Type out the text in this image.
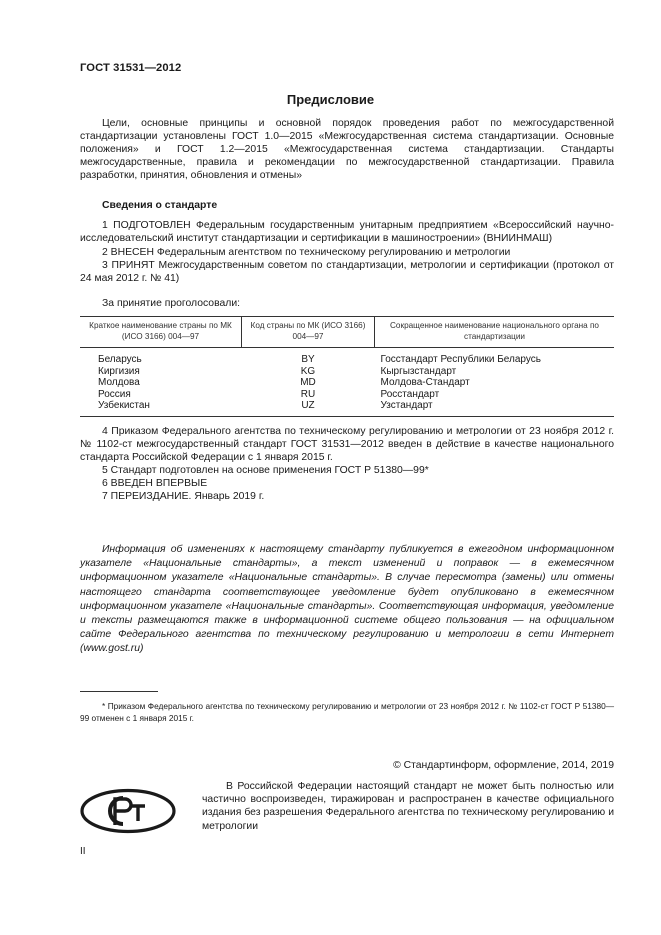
ГОСТ 31531—2012
Предисловие

Цели, основные принципы и основной порядок проведения работ по межгосударственной стандартизации установлены ГОСТ 1.0—2015 «Межгосударственная система стандартизации. Основные положения» и ГОСТ 1.2—2015 «Межгосударственная система стандартизации. Стандарты межгосударственные, правила и рекомендации по межгосударственной стандартизации. Правила разработки, принятия, обновления и отмены»

Сведения о стандарте

1 ПОДГОТОВЛЕН Федеральным государственным унитарным предприятием «Всероссийский научно-исследовательский институт стандартизации и сертификации в машиностроении» (ВНИИНМАШ)

2 ВНЕСЕН Федеральным агентством по техническому регулированию и метрологии

3 ПРИНЯТ Межгосударственным советом по стандартизации, метрологии и сертификации (протокол от 24 мая 2012 г. № 41)

За принятие проголосовали:
Краткое наименование страны по МК (ИСО 3166) 004—97	Код страны по МК (ИСО 3166) 004—97	Сокращенное наименование национального органа по стандартизации
Беларусь	BY	Госстандарт Республики Беларусь
Киргизия	KG	Кыргызстандарт
Молдова	MD	Молдова-Стандарт
Россия	RU	Росстандарт
Узбекистан	UZ	Узстандарт

4 Приказом Федерального агентства по техническому регулированию и метрологии от 23 ноября 2012 г. № 1102-ст межгосударственный стандарт ГОСТ 31531—2012 введен в действие в качестве национального стандарта Российской Федерации с 1 января 2015 г.

5 Стандарт подготовлен на основе применения ГОСТ Р 51380—99*
6 ВВЕДЕН ВПЕРВЫЕ
7 ПЕРЕИЗДАНИЕ. Январь 2019 г.

Информация об изменениях к настоящему стандарту публикуется в ежегодном информационном указателе «Национальные стандарты», а текст изменений и поправок — в ежемесячном информационном указателе «Национальные стандарты». В случае пересмотра (замены) или отмены настоящего стандарта соответствующее уведомление будет опубликовано в ежемесячном информационном указателе «Национальные стандарты». Соответствующая информация, уведомление и тексты размещаются также в информационной системе общего пользования — на официальном сайте Федерального агентства по техническому регулированию и метрологии в сети Интернет (www.gost.ru)

* Приказом Федерального агентства по техническому регулированию и метрологии от 23 ноября 2012 г. № 1102-ст ГОСТ Р 51380—99 отменен с 1 января 2015 г.

© Стандартинформ, оформление, 2014, 2019

В Российской Федерации настоящий стандарт не может быть полностью или частично воспроизведен, тиражирован и распространен в качестве официального издания без разрешения Федерального агентства по техническому регулированию и метрологии

II
